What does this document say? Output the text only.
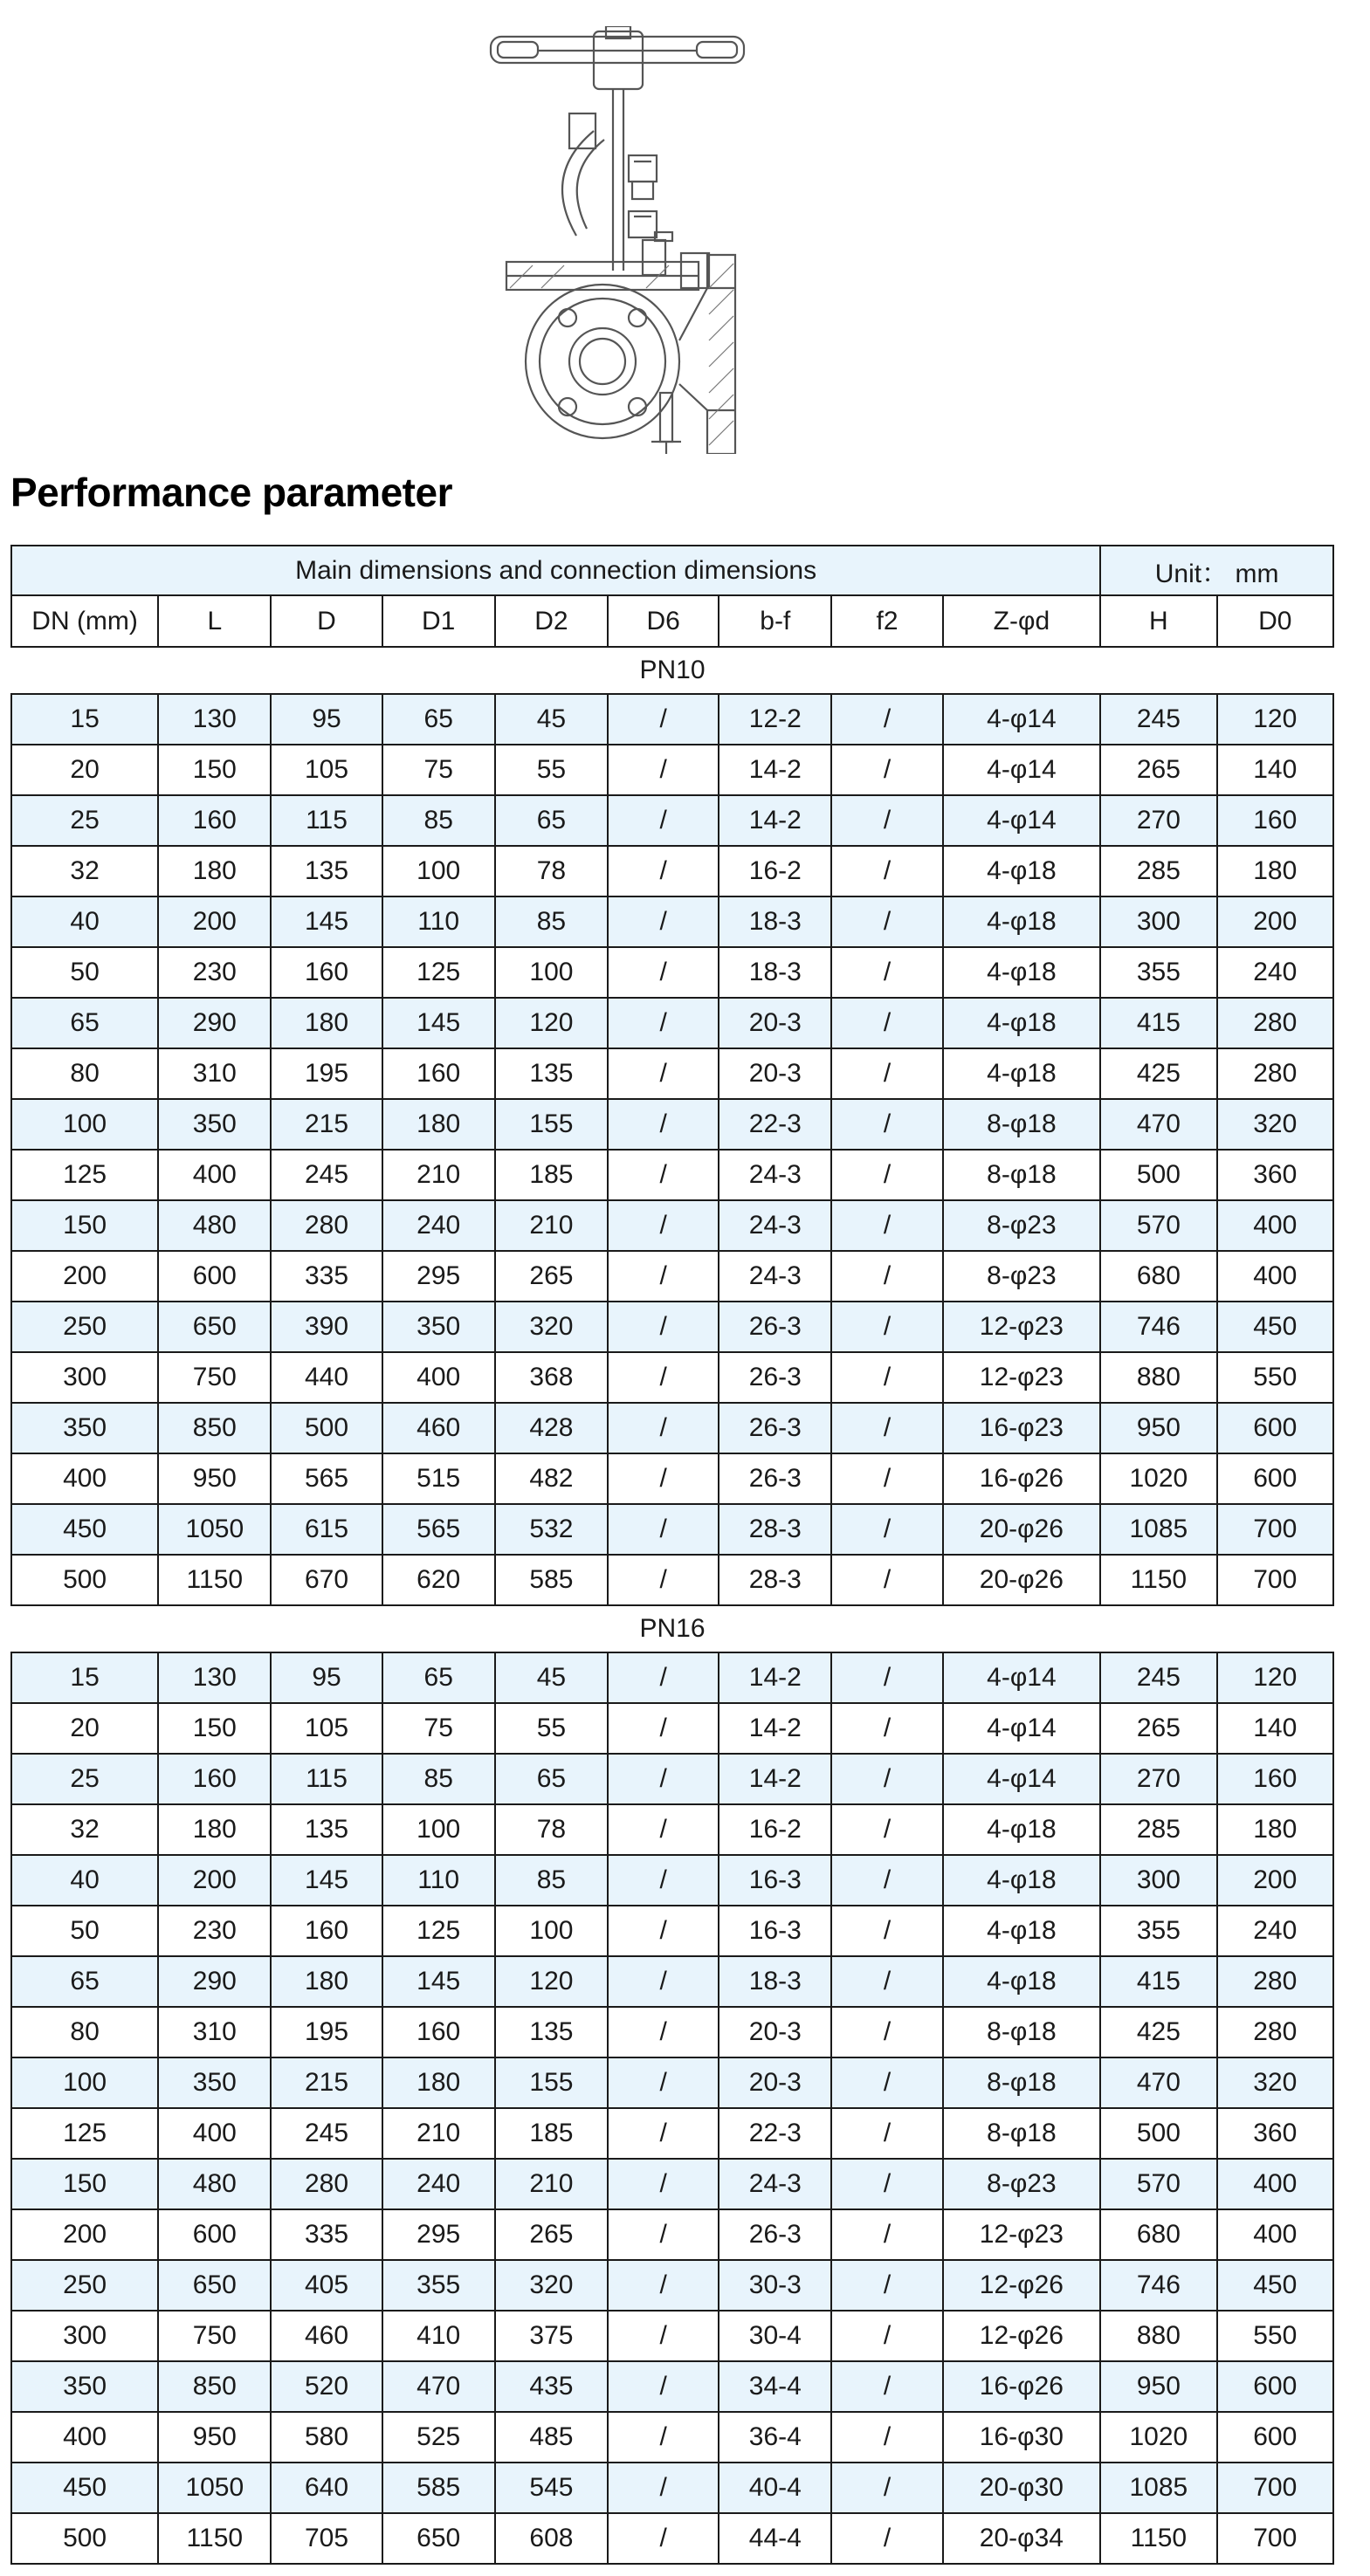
Performance parameter
Main dimensions and connection dimensions									Unit： mm	
DN (mm)	L	D	D1	D2	D6	b-f	f2	Z-φd	H	D0
PN10										
15	130	95	65	45	/	12-2	/	4-φ14	245	120
20	150	105	75	55	/	14-2	/	4-φ14	265	140
25	160	115	85	65	/	14-2	/	4-φ14	270	160
32	180	135	100	78	/	16-2	/	4-φ18	285	180
40	200	145	110	85	/	18-3	/	4-φ18	300	200
50	230	160	125	100	/	18-3	/	4-φ18	355	240
65	290	180	145	120	/	20-3	/	4-φ18	415	280
80	310	195	160	135	/	20-3	/	4-φ18	425	280
100	350	215	180	155	/	22-3	/	8-φ18	470	320
125	400	245	210	185	/	24-3	/	8-φ18	500	360
150	480	280	240	210	/	24-3	/	8-φ23	570	400
200	600	335	295	265	/	24-3	/	8-φ23	680	400
250	650	390	350	320	/	26-3	/	12-φ23	746	450
300	750	440	400	368	/	26-3	/	12-φ23	880	550
350	850	500	460	428	/	26-3	/	16-φ23	950	600
400	950	565	515	482	/	26-3	/	16-φ26	1020	600
450	1050	615	565	532	/	28-3	/	20-φ26	1085	700
500	1150	670	620	585	/	28-3	/	20-φ26	1150	700
PN16										
15	130	95	65	45	/	14-2	/	4-φ14	245	120
20	150	105	75	55	/	14-2	/	4-φ14	265	140
25	160	115	85	65	/	14-2	/	4-φ14	270	160
32	180	135	100	78	/	16-2	/	4-φ18	285	180
40	200	145	110	85	/	16-3	/	4-φ18	300	200
50	230	160	125	100	/	16-3	/	4-φ18	355	240
65	290	180	145	120	/	18-3	/	4-φ18	415	280
80	310	195	160	135	/	20-3	/	8-φ18	425	280
100	350	215	180	155	/	20-3	/	8-φ18	470	320
125	400	245	210	185	/	22-3	/	8-φ18	500	360
150	480	280	240	210	/	24-3	/	8-φ23	570	400
200	600	335	295	265	/	26-3	/	12-φ23	680	400
250	650	405	355	320	/	30-3	/	12-φ26	746	450
300	750	460	410	375	/	30-4	/	12-φ26	880	550
350	850	520	470	435	/	34-4	/	16-φ26	950	600
400	950	580	525	485	/	36-4	/	16-φ30	1020	600
450	1050	640	585	545	/	40-4	/	20-φ30	1085	700
500	1150	705	650	608	/	44-4	/	20-φ34	1150	700
